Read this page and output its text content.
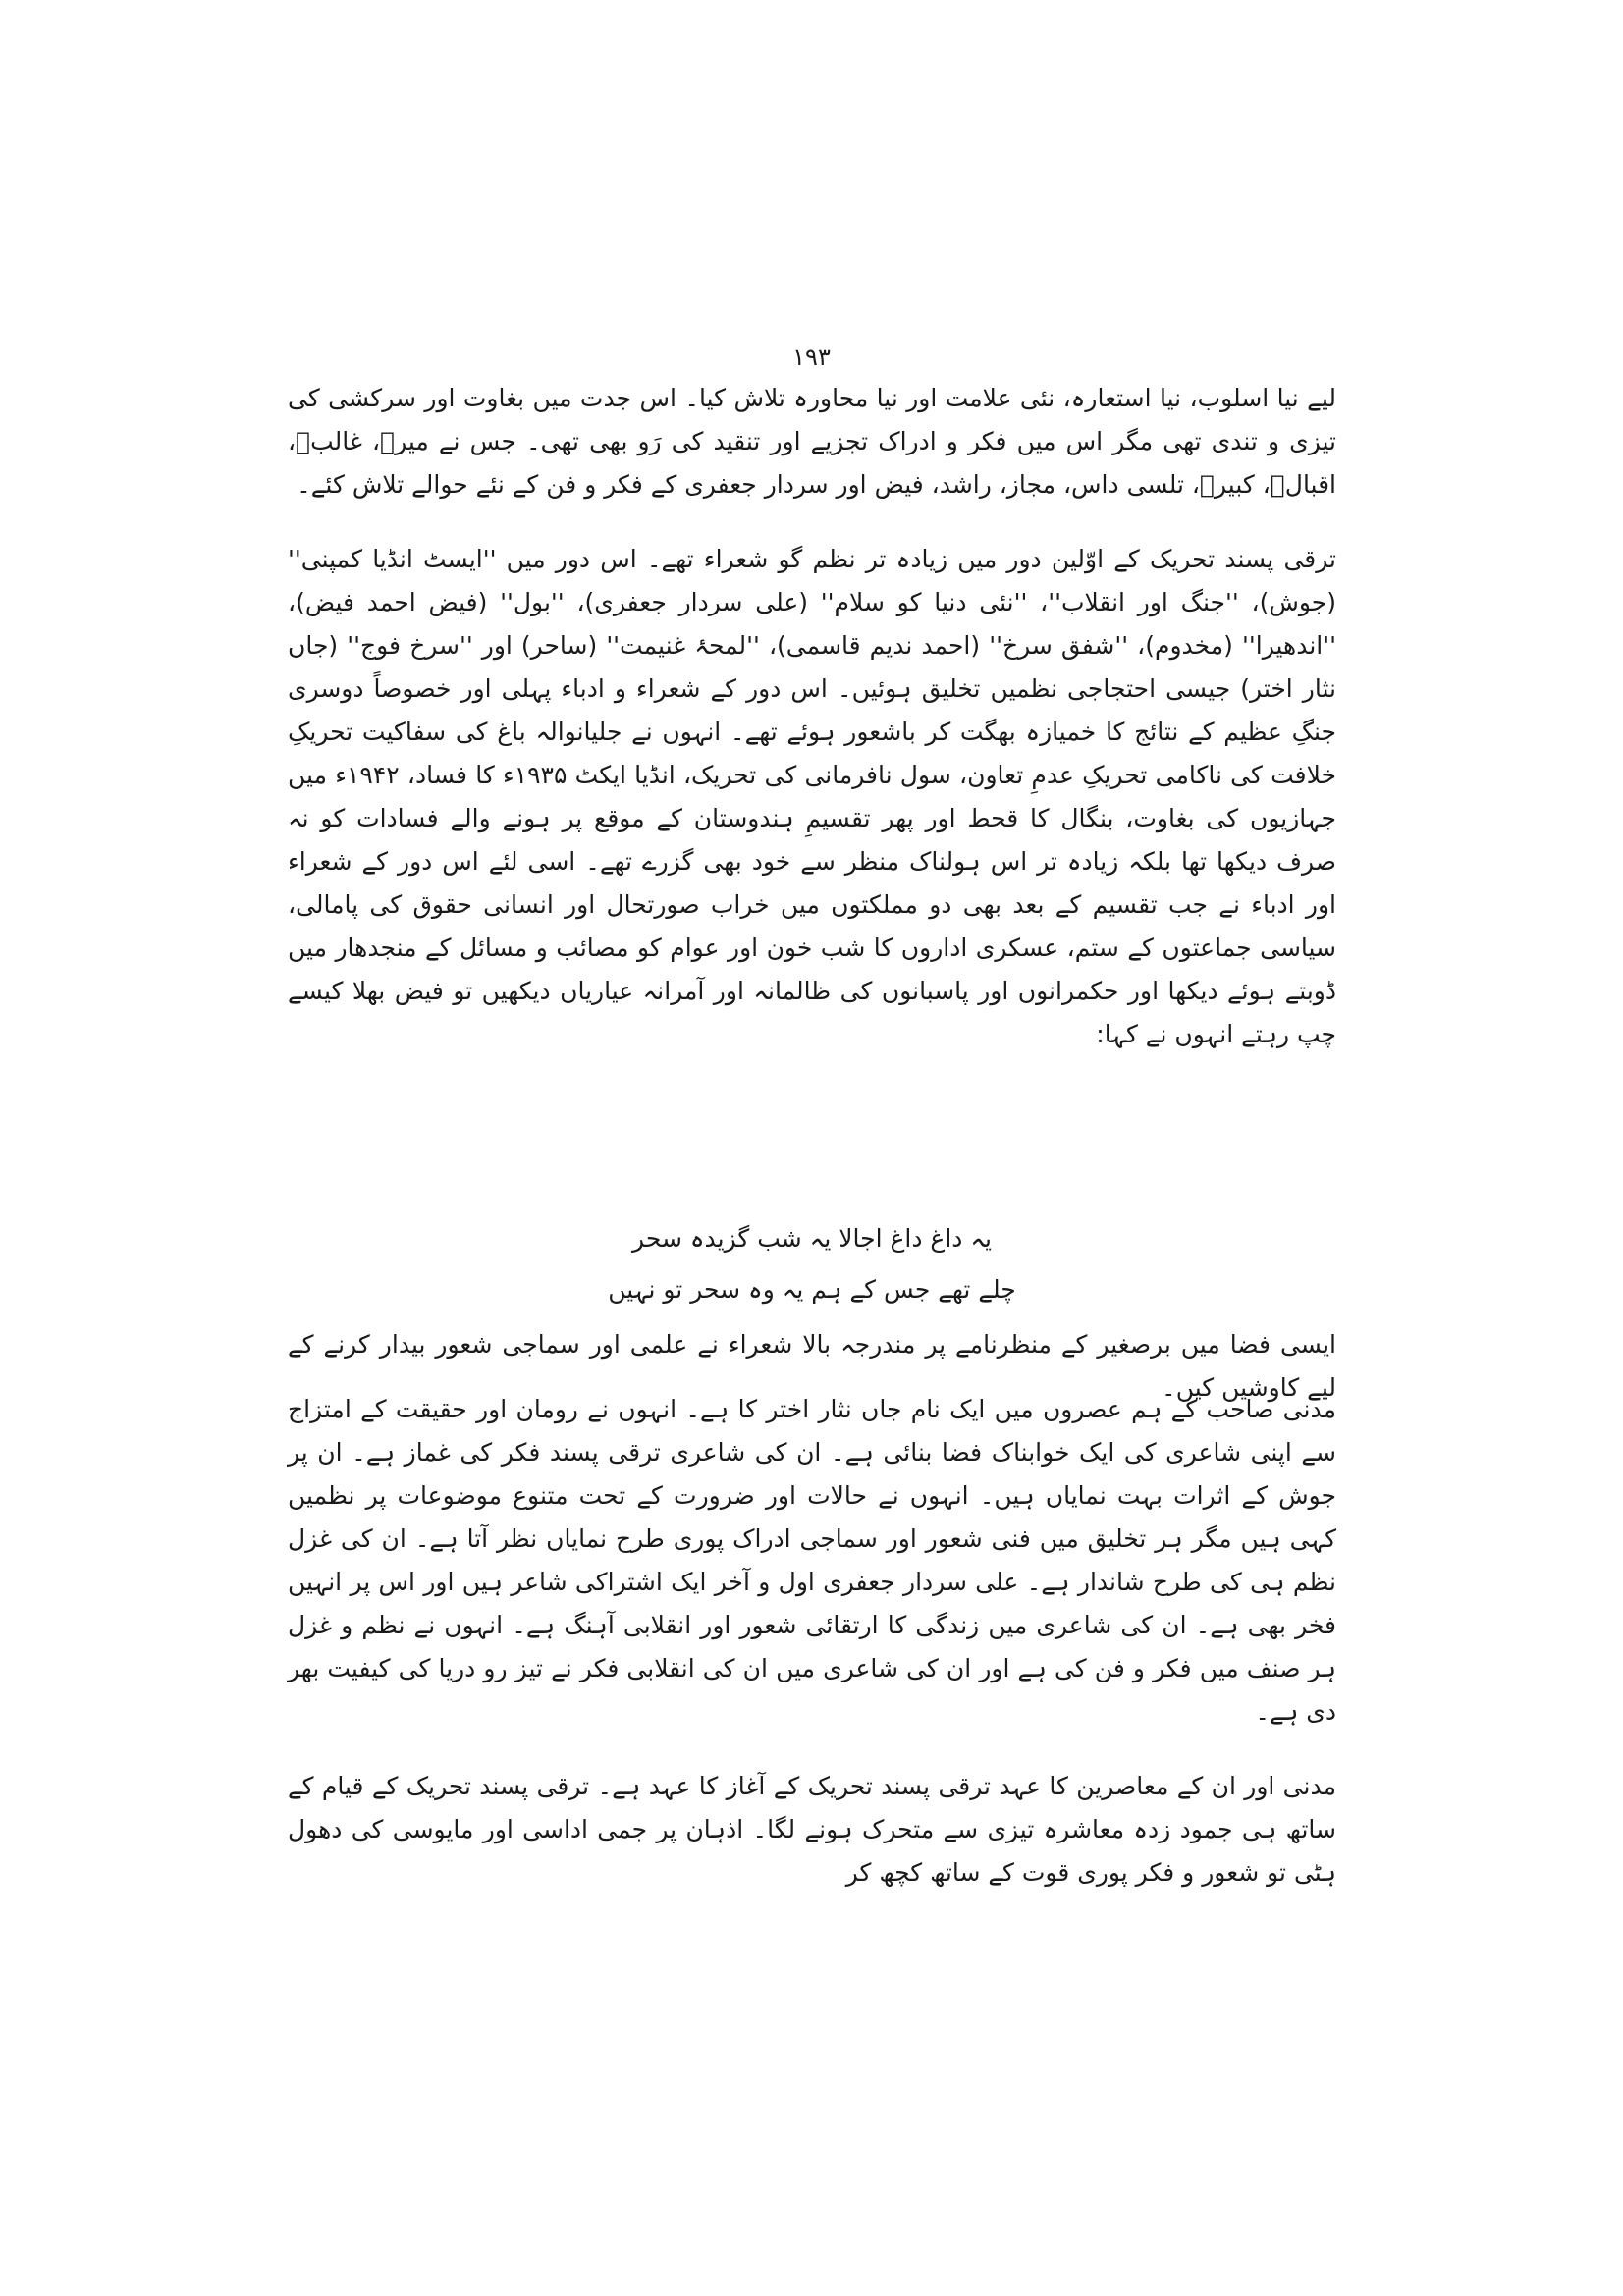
۱۹۳

لیے نیا اسلوب، نیا استعارہ، نئی علامت اور نیا محاورہ تلاش کیا۔ اس جدت میں بغاوت اور سرکشی کی تیزی و تندی تھی مگر اس میں فکر و ادراک تجزیے اور تنقید کی رَو بھی تھی۔ جس نے میرؔ، غالبؔ، اقبالؔ، کبیرؔ، تلسی داس، مجاز، راشد، فیض اور سردار جعفری کے فکر و فن کے نئے حوالے تلاش کئے۔

ترقی پسند تحریک کے اوّلین دور میں زیادہ تر نظم گو شعراء تھے۔ اس دور میں ''ایسٹ انڈیا کمپنی'' (جوش)، ''جنگ اور انقلاب''، ''نئی دنیا کو سلام'' (علی سردار جعفری)، ''بول'' (فیض احمد فیض)، ''اندھیرا'' (مخدوم)، ''شفق سرخ'' (احمد ندیم قاسمی)، ''لمحۂ غنیمت'' (ساحر) اور ''سرخ فوج'' (جاں نثار اختر) جیسی احتجاجی نظمیں تخلیق ہوئیں۔ اس دور کے شعراء و ادباء پہلی اور خصوصاً دوسری جنگِ عظیم کے نتائج کا خمیازہ بھگت کر باشعور ہوئے تھے۔ انہوں نے جلیانوالہ باغ کی سفاکیت تحریکِ خلافت کی ناکامی تحریکِ عدمِ تعاون، سول نافرمانی کی تحریک، انڈیا ایکٹ ۱۹۳۵ء کا فساد، ۱۹۴۲ء میں جہازیوں کی بغاوت، بنگال کا قحط اور پھر تقسیمِ ہندوستان کے موقع پر ہونے والے فسادات کو نہ صرف دیکھا تھا بلکہ زیادہ تر اس ہولناک منظر سے خود بھی گزرے تھے۔ اسی لئے اس دور کے شعراء اور ادباء نے جب تقسیم کے بعد بھی دو مملکتوں میں خراب صورتحال اور انسانی حقوق کی پامالی، سیاسی جماعتوں کے ستم، عسکری اداروں کا شب خون اور عوام کو مصائب و مسائل کے منجدھار میں ڈوبتے ہوئے دیکھا اور حکمرانوں اور پاسبانوں کی ظالمانہ اور آمرانہ عیاریاں دیکھیں تو فیض بھلا کیسے چپ رہتے انہوں نے کہا:

یہ داغ داغ اجالا یہ شب گزیدہ سحر
چلے تھے جس کے ہم یہ وہ سحر تو نہیں

ایسی فضا میں برصغیر کے منظرنامے پر مندرجہ بالا شعراء نے علمی اور سماجی شعور بیدار کرنے کے لیے کاوشیں کیں۔

مدنی صاحب کے ہم عصروں میں ایک نام جاں نثار اختر کا ہے۔ انہوں نے رومان اور حقیقت کے امتزاج سے اپنی شاعری کی ایک خوابناک فضا بنائی ہے۔ ان کی شاعری ترقی پسند فکر کی غماز ہے۔ ان پر جوش کے اثرات بہت نمایاں ہیں۔ انہوں نے حالات اور ضرورت کے تحت متنوع موضوعات پر نظمیں کہی ہیں مگر ہر تخلیق میں فنی شعور اور سماجی ادراک پوری طرح نمایاں نظر آتا ہے۔ ان کی غزل نظم ہی کی طرح شاندار ہے۔ علی سردار جعفری اول و آخر ایک اشتراکی شاعر ہیں اور اس پر انہیں فخر بھی ہے۔ ان کی شاعری میں زندگی کا ارتقائی شعور اور انقلابی آہنگ ہے۔ انہوں نے نظم و غزل ہر صنف میں فکر و فن کی ہے اور ان کی شاعری میں ان کی انقلابی فکر نے تیز رو دریا کی کیفیت بھر دی ہے۔

مدنی اور ان کے معاصرین کا عہد ترقی پسند تحریک کے آغاز کا عہد ہے۔ ترقی پسند تحریک کے قیام کے ساتھ ہی جمود زدہ معاشرہ تیزی سے متحرک ہونے لگا۔ اذہان پر جمی اداسی اور مایوسی کی دھول ہٹی تو شعور و فکر پوری قوت کے ساتھ کچھ کر
